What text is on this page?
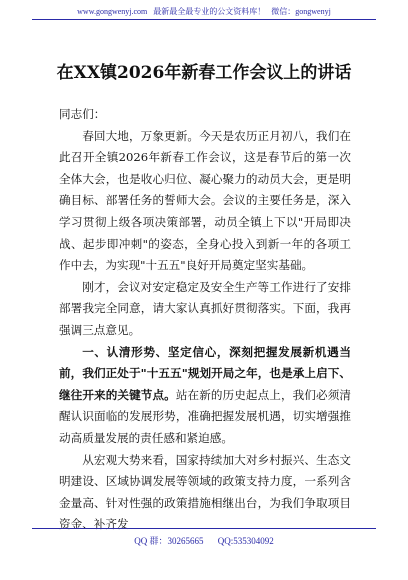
www.gongwenyj.com 最新最全最专业的公文资料库！ 微信：gongwenyj
在XX镇2026年新春工作会议上的讲话

同志们：

春回大地，万象更新。今天是农历正月初八，我们在此召开全镇2026年新春工作会议，这是春节后的第一次全体大会，也是收心归位、凝心聚力的动员大会，更是明确目标、部署任务的誓师大会。会议的主要任务是，深入学习贯彻上级各项决策部署，动员全镇上下以"开局即决战、起步即冲刺"的姿态，全身心投入到新一年的各项工作中去，为实现"十五五"良好开局奠定坚实基础。

刚才，会议对安定稳定及安全生产等工作进行了安排部署我完全同意，请大家认真抓好贯彻落实。下面，我再强调三点意见。

一、认清形势、坚定信心，深刻把握发展新机遇当前，我们正处于"十五五"规划开局之年，也是承上启下、继往开来的关键节点。站在新的历史起点上，我们必须清醒认识面临的发展形势，准确把握发展机遇，切实增强推动高质量发展的责任感和紧迫感。

从宏观大势来看，国家持续加大对乡村振兴、生态文明建设、区域协调发展等领域的政策支持力度，一系列含金量高、针对性强的政策措施相继出台，为我们争取项目资金、补齐发

QQ 群：30265665 QQ:535304092
